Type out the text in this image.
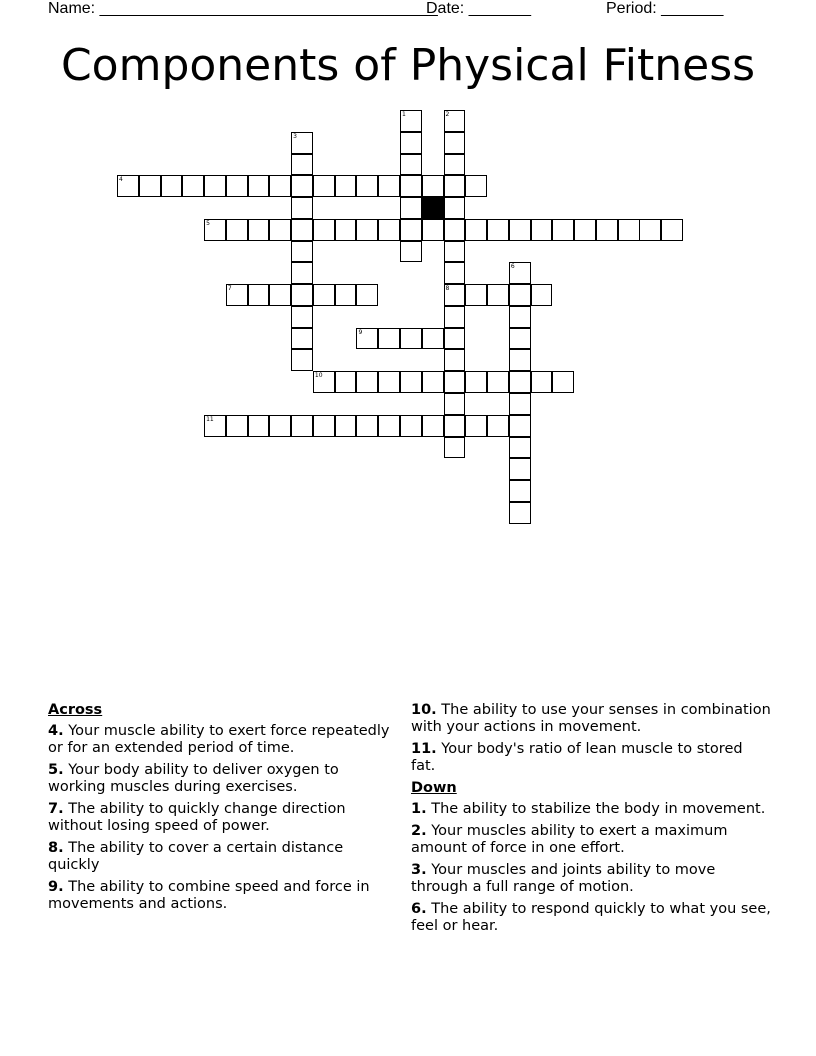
Name: ______________________________________
Date: _______	Period: _______
Components of Physical Fitness
1	2
3
4
5
6
7	8
9
10
11
Across
4. Your muscle ability to exert force repeatedly or for an extended period of time.
5. Your body ability to deliver oxygen to working muscles during exercises.
7. The ability to quickly change direction without losing speed of power.
8. The ability to cover a certain distance quickly
9. The ability to combine speed and force in movements and actions.
10. The ability to use your senses in combination with your actions in movement.
11. Your body's ratio of lean muscle to stored fat.
Down
1. The ability to stabilize the body in movement.
2. Your muscles ability to exert a maximum amount of force in one effort.
3. Your muscles and joints ability to move through a full range of motion.
6. The ability to respond quickly to what you see, feel or hear.
